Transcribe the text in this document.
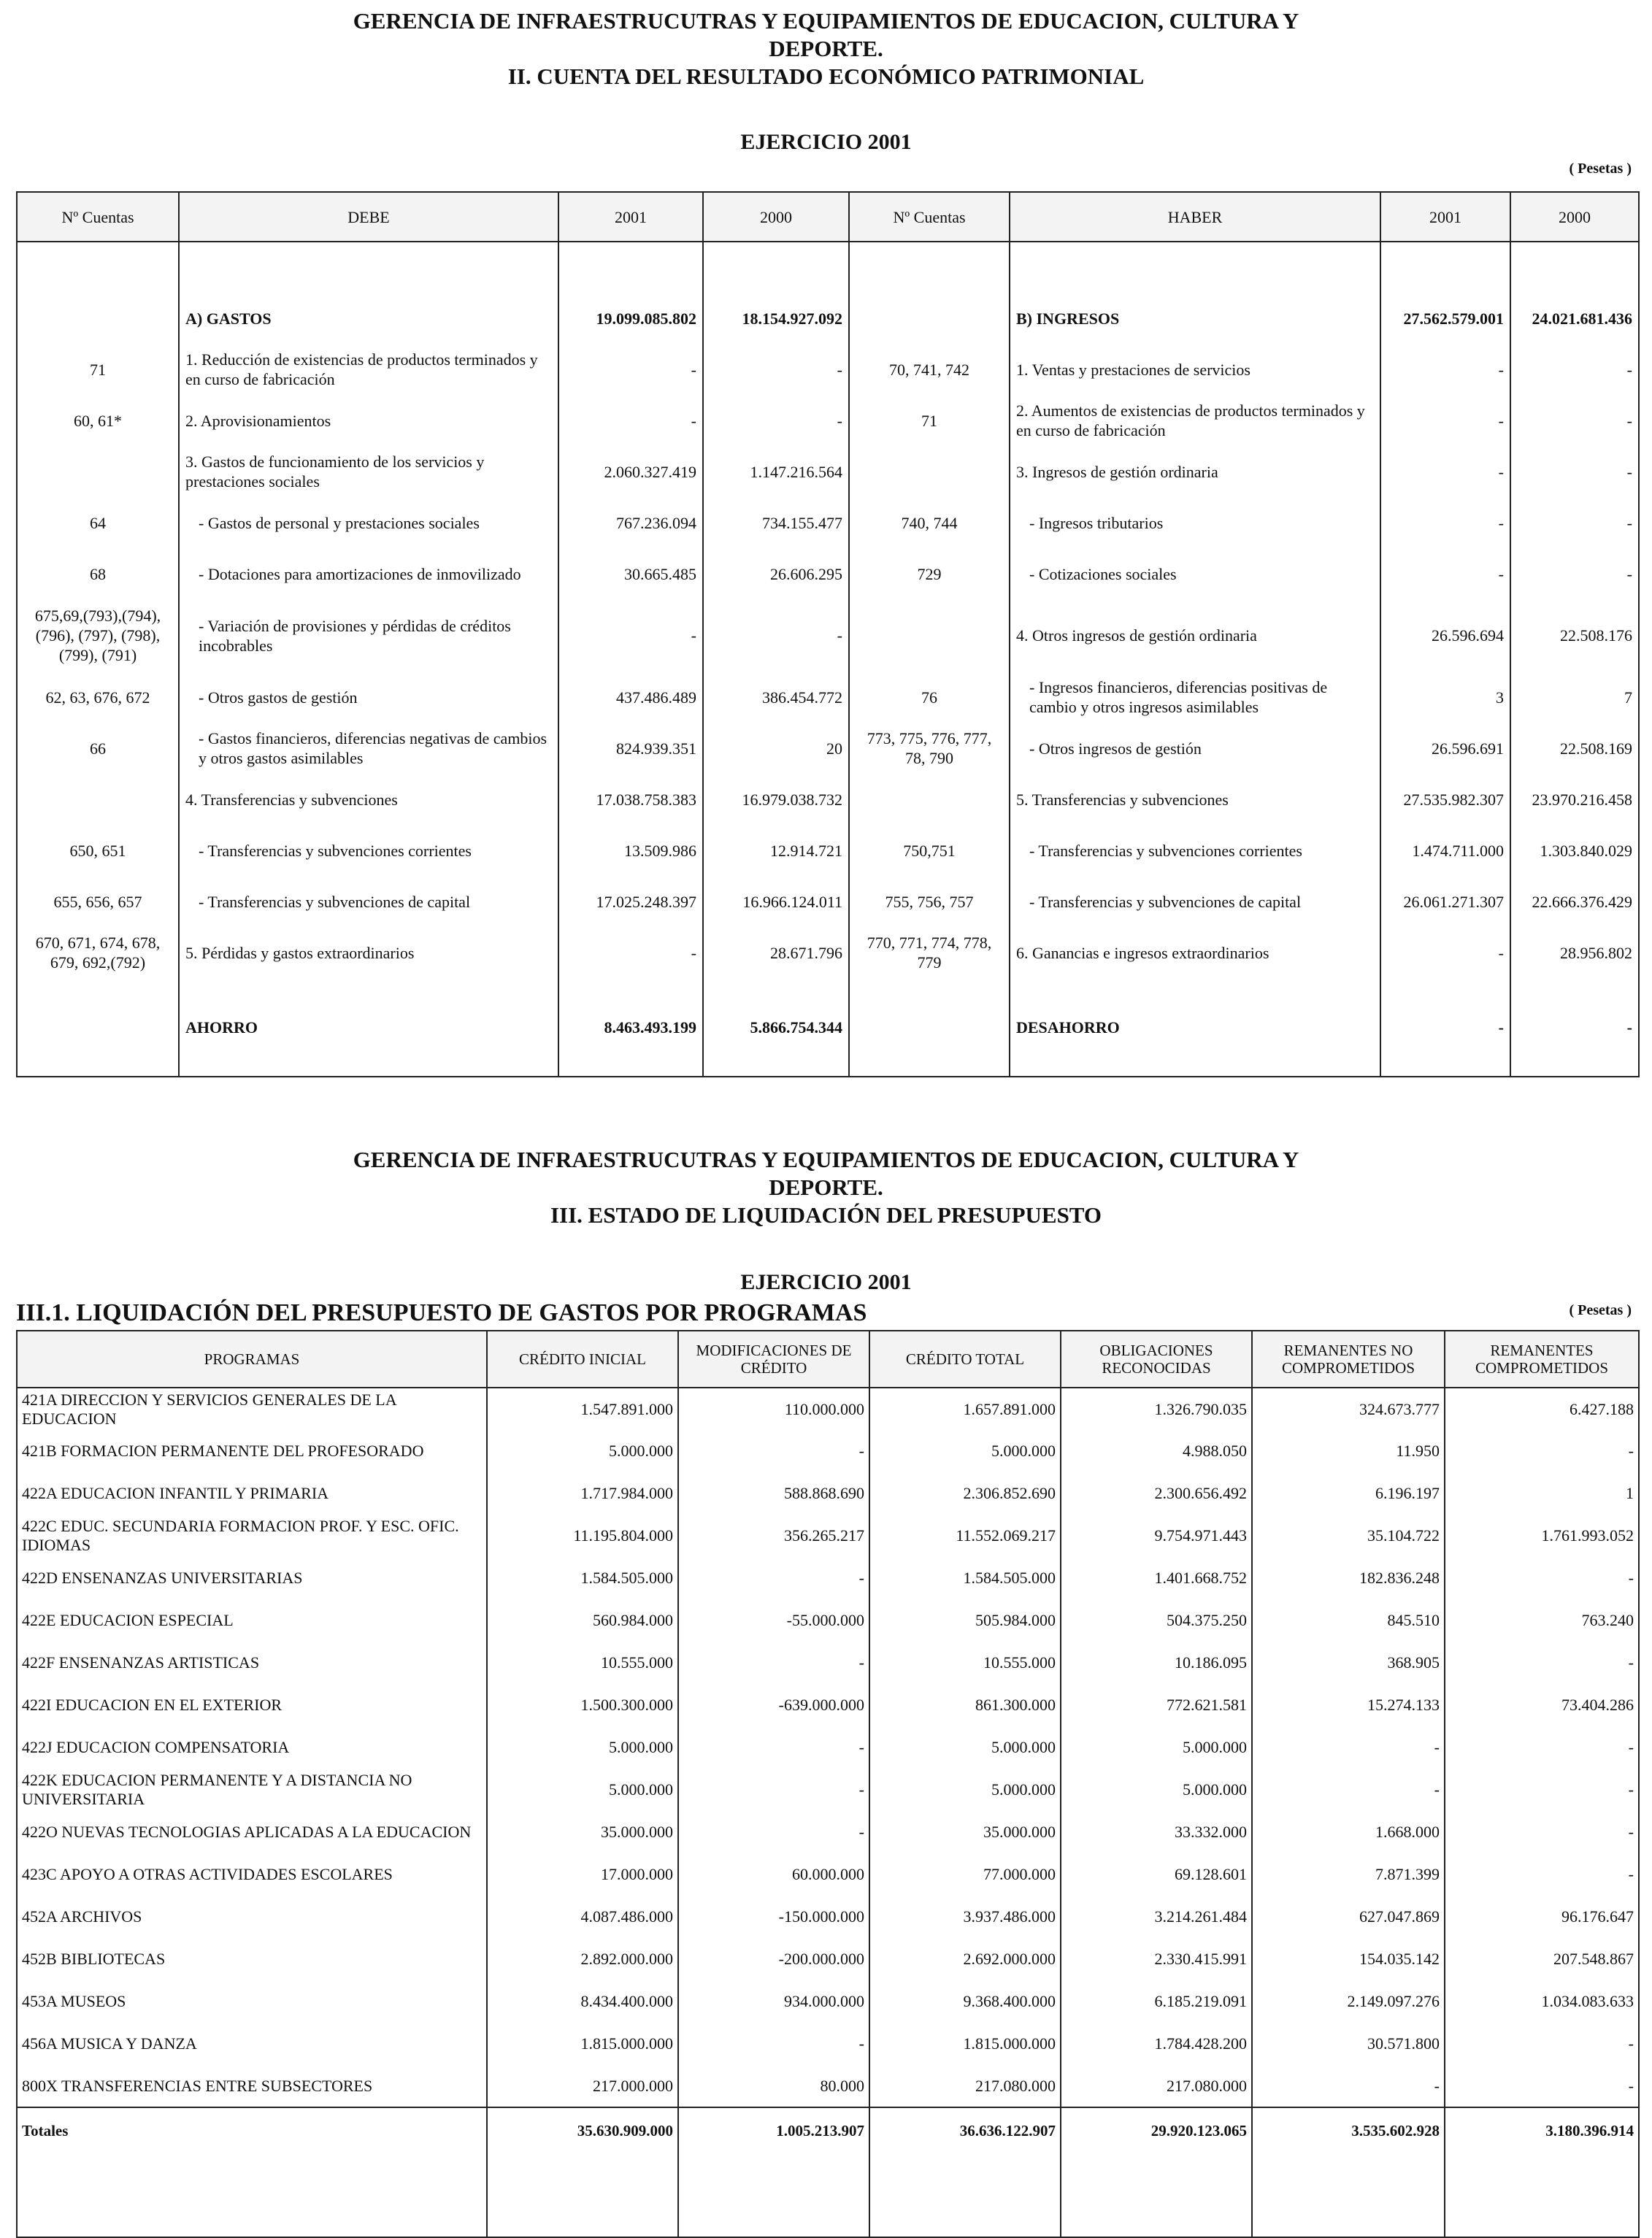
GERENCIA DE INFRAESTRUCUTRAS Y EQUIPAMIENTOS DE EDUCACION, CULTURA Y
DEPORTE.
II. CUENTA DEL RESULTADO ECONÓMICO PATRIMONIAL
EJERCICIO 2001
( Pesetas )
Nº Cuentas	DEBE	2001	2000	Nº Cuentas	HABER	2001	2000

	A) GASTOS	19.099.085.802	18.154.927.092		B) INGRESOS	27.562.579.001	24.021.681.436
71	1. Reducción de existencias de productos terminados y en curso de fabricación	-	-	70, 741, 742	1. Ventas y prestaciones de servicios	-	-
60, 61*	2. Aprovisionamientos	-	-	71	2. Aumentos de existencias de productos terminados y en curso de fabricación	-	-
	3. Gastos de funcionamiento de los servicios y prestaciones sociales	2.060.327.419	1.147.216.564		3. Ingresos de gestión ordinaria	-	-
64	- Gastos de personal y prestaciones sociales	767.236.094	734.155.477	740, 744	- Ingresos tributarios	-	-
68	- Dotaciones para amortizaciones de inmovilizado	30.665.485	26.606.295	729	- Cotizaciones sociales	-	-
675,69,(793),(794), (796), (797), (798), (799), (791)	- Variación de provisiones y pérdidas de créditos incobrables	-	-		4. Otros ingresos de gestión ordinaria	26.596.694	22.508.176
62, 63, 676, 672	- Otros gastos de gestión	437.486.489	386.454.772	76	- Ingresos financieros, diferencias positivas de cambio y otros ingresos asimilables	3	7
66	- Gastos financieros, diferencias negativas de cambios y otros gastos asimilables	824.939.351	20	773, 775, 776, 777, 78, 790	- Otros ingresos de gestión	26.596.691	22.508.169
	4. Transferencias y subvenciones	17.038.758.383	16.979.038.732		5. Transferencias y subvenciones	27.535.982.307	23.970.216.458
650, 651	- Transferencias y subvenciones corrientes	13.509.986	12.914.721	750,751	- Transferencias y subvenciones corrientes	1.474.711.000	1.303.840.029
655, 656, 657	- Transferencias y subvenciones de capital	17.025.248.397	16.966.124.011	755, 756, 757	- Transferencias y subvenciones de capital	26.061.271.307	22.666.376.429
670, 671, 674, 678, 679, 692,(792)	5. Pérdidas y gastos extraordinarios	-	28.671.796	770, 771, 774, 778, 779	6. Ganancias e ingresos extraordinarios	-	28.956.802
	AHORRO	8.463.493.199	5.866.754.344		DESAHORRO	-	-
GERENCIA DE INFRAESTRUCUTRAS Y EQUIPAMIENTOS DE EDUCACION, CULTURA Y
DEPORTE.
III. ESTADO DE LIQUIDACIÓN DEL PRESUPUESTO
EJERCICIO 2001
III.1. LIQUIDACIÓN DEL PRESUPUESTO DE GASTOS POR PROGRAMAS	( Pesetas )
PROGRAMAS	CRÉDITO INICIAL	MODIFICACIONES DE CRÉDITO	CRÉDITO TOTAL	OBLIGACIONES RECONOCIDAS	REMANENTES NO COMPROMETIDOS	REMANENTES COMPROMETIDOS
421A DIRECCION Y SERVICIOS GENERALES DE LA EDUCACION	1.547.891.000	110.000.000	1.657.891.000	1.326.790.035	324.673.777	6.427.188
421B FORMACION PERMANENTE DEL PROFESORADO	5.000.000	-	5.000.000	4.988.050	11.950	-
422A EDUCACION INFANTIL Y PRIMARIA	1.717.984.000	588.868.690	2.306.852.690	2.300.656.492	6.196.197	1
422C EDUC. SECUNDARIA FORMACION PROF. Y ESC. OFIC. IDIOMAS	11.195.804.000	356.265.217	11.552.069.217	9.754.971.443	35.104.722	1.761.993.052
422D ENSENANZAS UNIVERSITARIAS	1.584.505.000	-	1.584.505.000	1.401.668.752	182.836.248	-
422E EDUCACION ESPECIAL	560.984.000	-55.000.000	505.984.000	504.375.250	845.510	763.240
422F ENSENANZAS ARTISTICAS	10.555.000	-	10.555.000	10.186.095	368.905	-
422I EDUCACION EN EL EXTERIOR	1.500.300.000	-639.000.000	861.300.000	772.621.581	15.274.133	73.404.286
422J EDUCACION COMPENSATORIA	5.000.000	-	5.000.000	5.000.000	-	-
422K EDUCACION PERMANENTE Y A DISTANCIA NO UNIVERSITARIA	5.000.000	-	5.000.000	5.000.000	-	-
422O NUEVAS TECNOLOGIAS APLICADAS A LA EDUCACION	35.000.000	-	35.000.000	33.332.000	1.668.000	-
423C APOYO A OTRAS ACTIVIDADES ESCOLARES	17.000.000	60.000.000	77.000.000	69.128.601	7.871.399	-
452A ARCHIVOS	4.087.486.000	-150.000.000	3.937.486.000	3.214.261.484	627.047.869	96.176.647
452B BIBLIOTECAS	2.892.000.000	-200.000.000	2.692.000.000	2.330.415.991	154.035.142	207.548.867
453A MUSEOS	8.434.400.000	934.000.000	9.368.400.000	6.185.219.091	2.149.097.276	1.034.083.633
456A MUSICA Y DANZA	1.815.000.000	-	1.815.000.000	1.784.428.200	30.571.800	-
800X TRANSFERENCIAS ENTRE SUBSECTORES	217.000.000	80.000	217.080.000	217.080.000	-	-
Totales	35.630.909.000	1.005.213.907	36.636.122.907	29.920.123.065	3.535.602.928	3.180.396.914
